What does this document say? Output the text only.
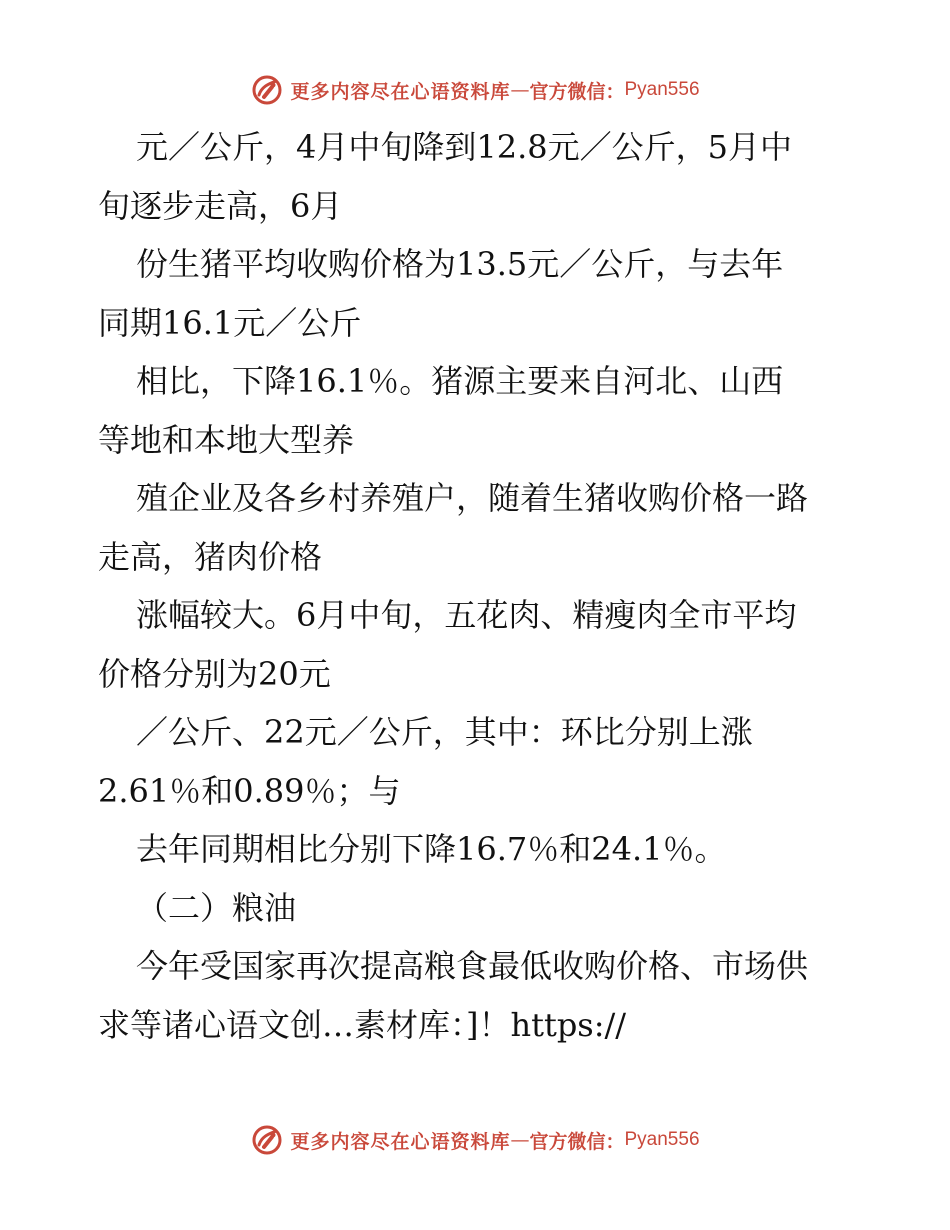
更多内容尽在心语资料库 — 官方微信： Pyan556
元／公斤，4月中旬降到12.8元／公斤，5月中
旬逐步走高，6月
份生猪平均收购价格为13.5元／公斤，与去年
同期16.1元／公斤
相比，下降16.1％。猪源主要来自河北、山西
等地和本地大型养
殖企业及各乡村养殖户，随着生猪收购价格一路
走高，猪肉价格
涨幅较大。6月中旬，五花肉、精瘦肉全市平均
价格分别为20元
／公斤、22元／公斤，其中：环比分别上涨
2.61％和0.89％；与
去年同期相比分别下降16.7％和24.1％。
（二）粮油
今年受国家再次提高粮食最低收购价格、市场供
求等诸心语文创…素材库：]！https://
更多内容尽在心语资料库 — 官方微信： Pyan556
